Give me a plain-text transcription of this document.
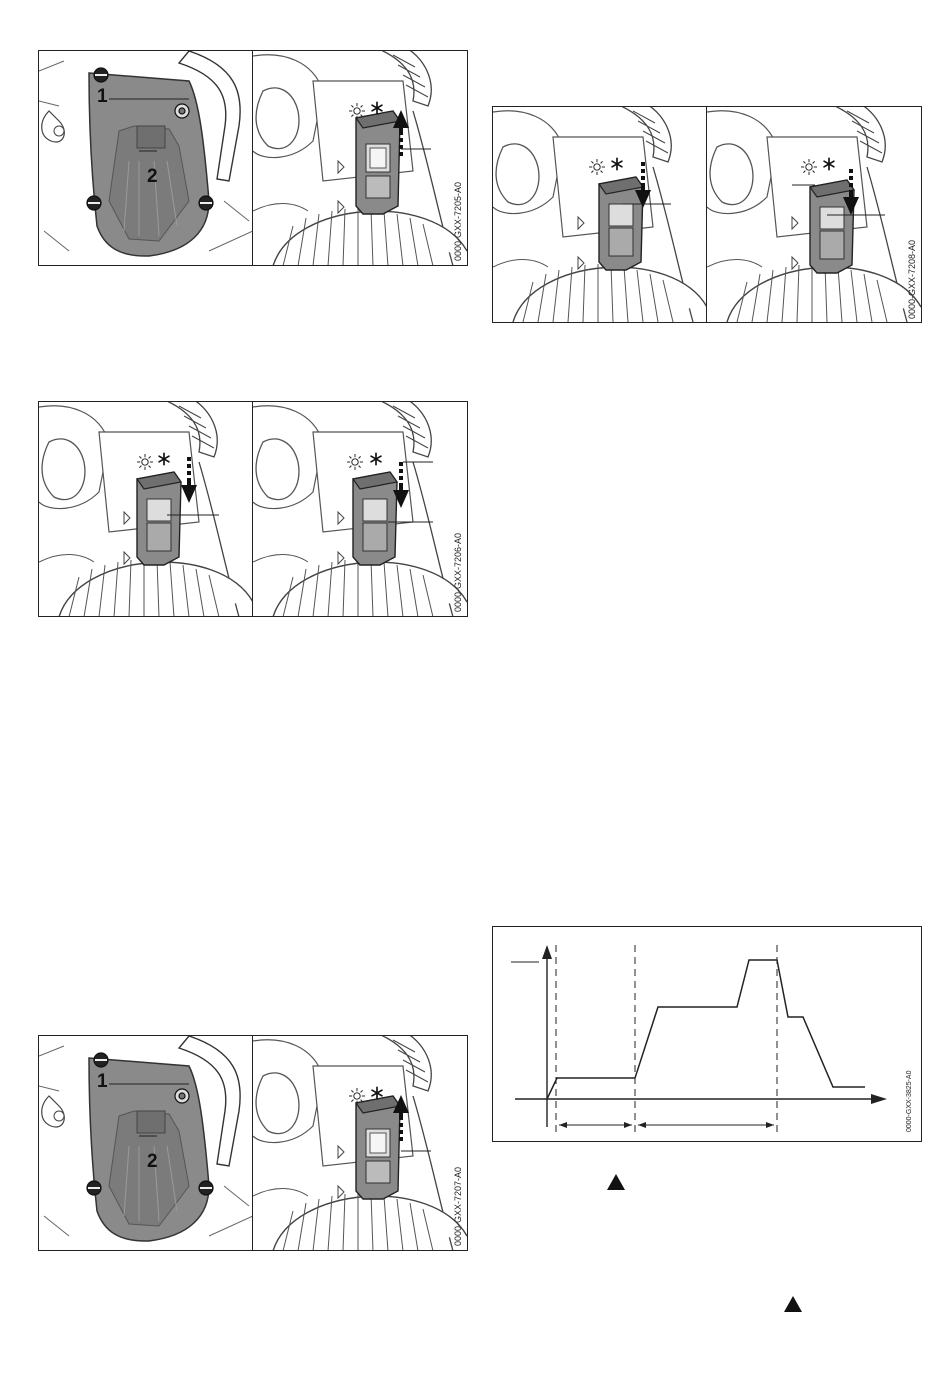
1
2
0000-GXX-7205-A0
0000-GXX-7206-A0
1
2
0000-GXX-7207-A0
0000-GXX-7208-A0
0000-GXX-3825-A0
